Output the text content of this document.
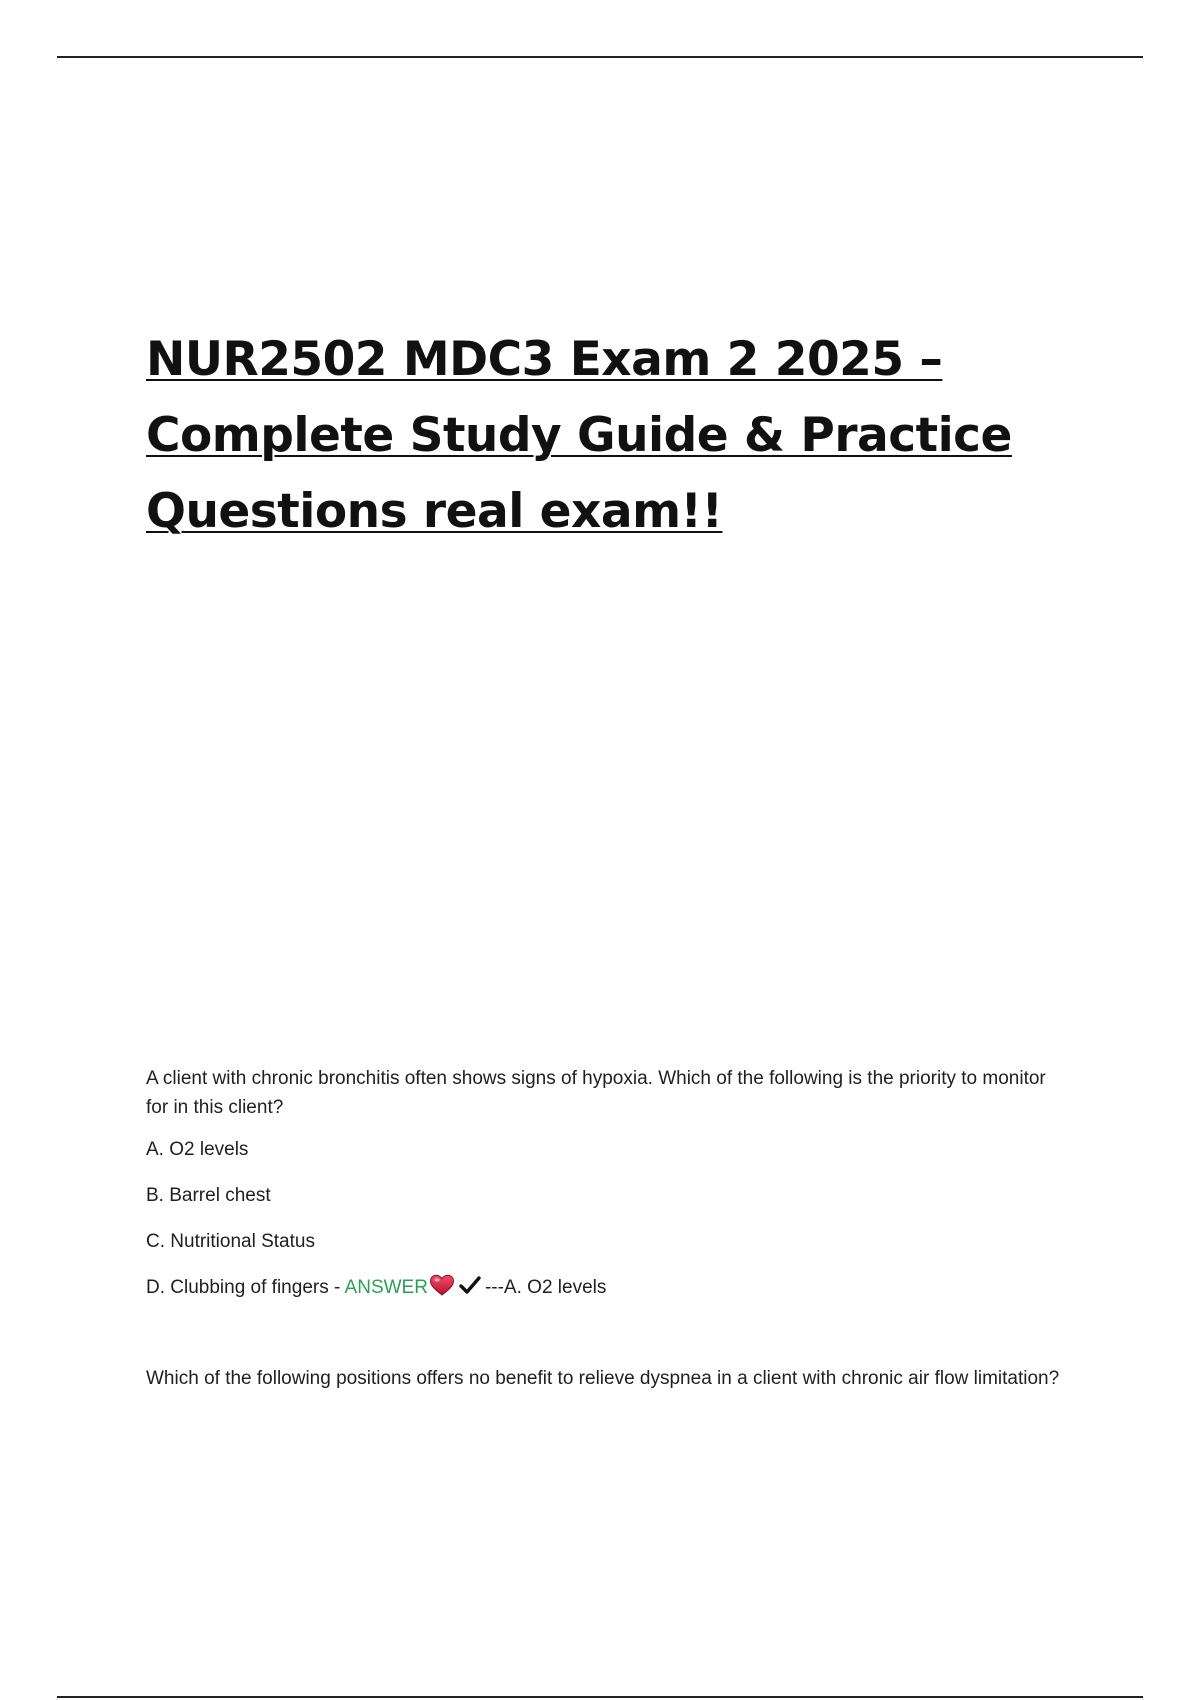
NUR2502 MDC3 Exam 2 2025 –
Complete Study Guide & Practice
Questions real exam!!

A client with chronic bronchitis often shows signs of hypoxia. Which of the following is the priority to monitor for in this client?

A. O2 levels

B. Barrel chest

C. Nutritional Status

D. Clubbing of fingers - ANSWER	---A. O2 levels

Which of the following positions offers no benefit to relieve dyspnea in a client with chronic air flow limitation?
